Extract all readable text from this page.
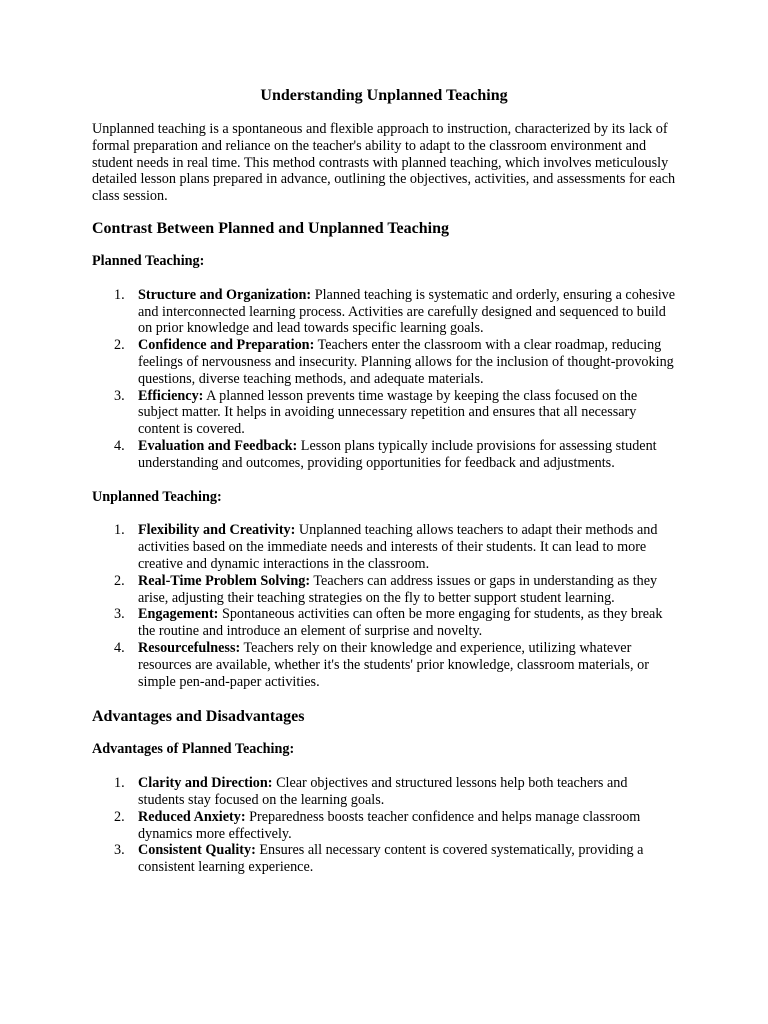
Understanding Unplanned Teaching

Unplanned teaching is a spontaneous and flexible approach to instruction, characterized by its lack of formal preparation and reliance on the teacher's ability to adapt to the classroom environment and student needs in real time. This method contrasts with planned teaching, which involves meticulously detailed lesson plans prepared in advance, outlining the objectives, activities, and assessments for each class session.

Contrast Between Planned and Unplanned Teaching

Planned Teaching:

1. Structure and Organization: Planned teaching is systematic and orderly, ensuring a cohesive and interconnected learning process. Activities are carefully designed and sequenced to build on prior knowledge and lead towards specific learning goals.
2. Confidence and Preparation: Teachers enter the classroom with a clear roadmap, reducing feelings of nervousness and insecurity. Planning allows for the inclusion of thought-provoking questions, diverse teaching methods, and adequate materials.
3. Efficiency: A planned lesson prevents time wastage by keeping the class focused on the subject matter. It helps in avoiding unnecessary repetition and ensures that all necessary content is covered.
4. Evaluation and Feedback: Lesson plans typically include provisions for assessing student understanding and outcomes, providing opportunities for feedback and adjustments.

Unplanned Teaching:

1. Flexibility and Creativity: Unplanned teaching allows teachers to adapt their methods and activities based on the immediate needs and interests of their students. It can lead to more creative and dynamic interactions in the classroom.
2. Real-Time Problem Solving: Teachers can address issues or gaps in understanding as they arise, adjusting their teaching strategies on the fly to better support student learning.
3. Engagement: Spontaneous activities can often be more engaging for students, as they break the routine and introduce an element of surprise and novelty.
4. Resourcefulness: Teachers rely on their knowledge and experience, utilizing whatever resources are available, whether it's the students' prior knowledge, classroom materials, or simple pen-and-paper activities.
Advantages and Disadvantages

Advantages of Planned Teaching:

1. Clarity and Direction: Clear objectives and structured lessons help both teachers and students stay focused on the learning goals.
2. Reduced Anxiety: Preparedness boosts teacher confidence and helps manage classroom dynamics more effectively.
3. Consistent Quality: Ensures all necessary content is covered systematically, providing a consistent learning experience.
